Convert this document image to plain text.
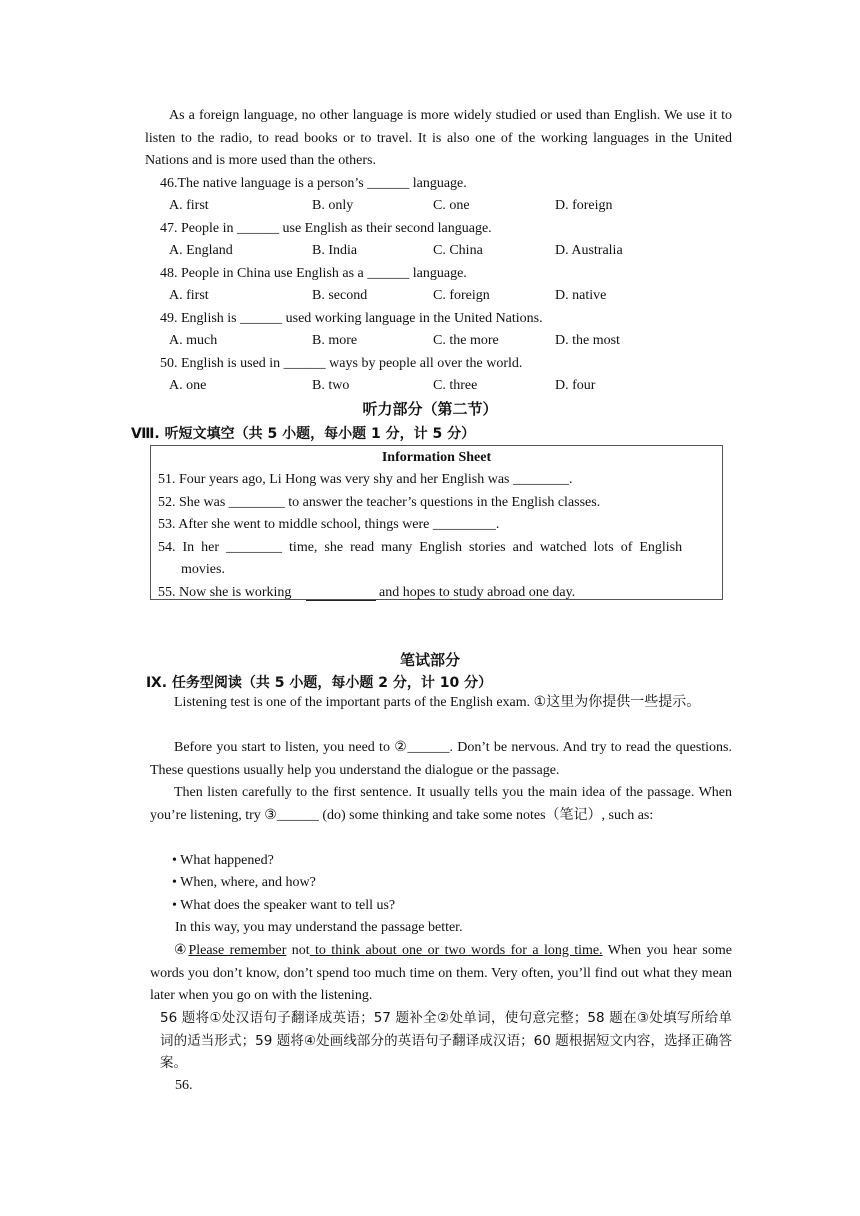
As a foreign language, no other language is more widely studied or used than English. We use it to listen to the radio, to read books or to travel. It is also one of the working languages in the United Nations and is more used than the others.
46.The native language is a person’s ______ language.
A. first	B. only	C. one	D. foreign
47. People in ______ use English as their second language.
A. England	B. India	C. China	D. Australia
48. People in China use English as a ______ language.
A. first	B. second	C. foreign	D. native
49. English is ______ used working language in the United Nations.
A. much	B. more	C. the more	D. the most
50. English is used in ______ ways by people all over the world.
A. one	B. two	C. three	D. four
听力部分（第二节）
Ⅷ. 听短文填空（共 5 小题，每小题 1 分，计 5 分）
Information Sheet
51. Four years ago, Li Hong was very shy and her English was ________.
52. She was ________ to answer the teacher’s questions in the English classes.
53. After she went to middle school, things were _________.
54.  In  her  ________  time,  she  read  many  English  stories  and  watched  lots  of  English
movies.
55. Now she is working	and hopes to study abroad one day.
笔试部分
Ⅸ. 任务型阅读（共 5 小题，每小题 2 分，计 10 分）
Listening test is one of the important parts of the English exam. ①这里为你提供一些提示。
Before you start to listen, you need to ②______. Don’t be nervous. And try to read the questions. These questions usually help you understand the dialogue or the passage.
Then listen carefully to the first sentence. It usually tells you the main idea of the passage. When you’re listening, try ③______ (do) some thinking and take some notes（笔记）, such as:
• What happened?
• When, where, and how?
• What does the speaker want to tell us?
In this way, you may understand the passage better.
④Please remember not to think about one or two words for a long time. When you hear some words you don’t know, don’t spend too much time on them. Very often, you’ll find out what they mean later when you go on with the listening.
56 题将①处汉语句子翻译成英语；57 题补全②处单词，使句意完整；58 题在③处填写所给单词的适当形式；59 题将④处画线部分的英语句子翻译成汉语；60 题根据短文内容，选择正确答案。
56.
